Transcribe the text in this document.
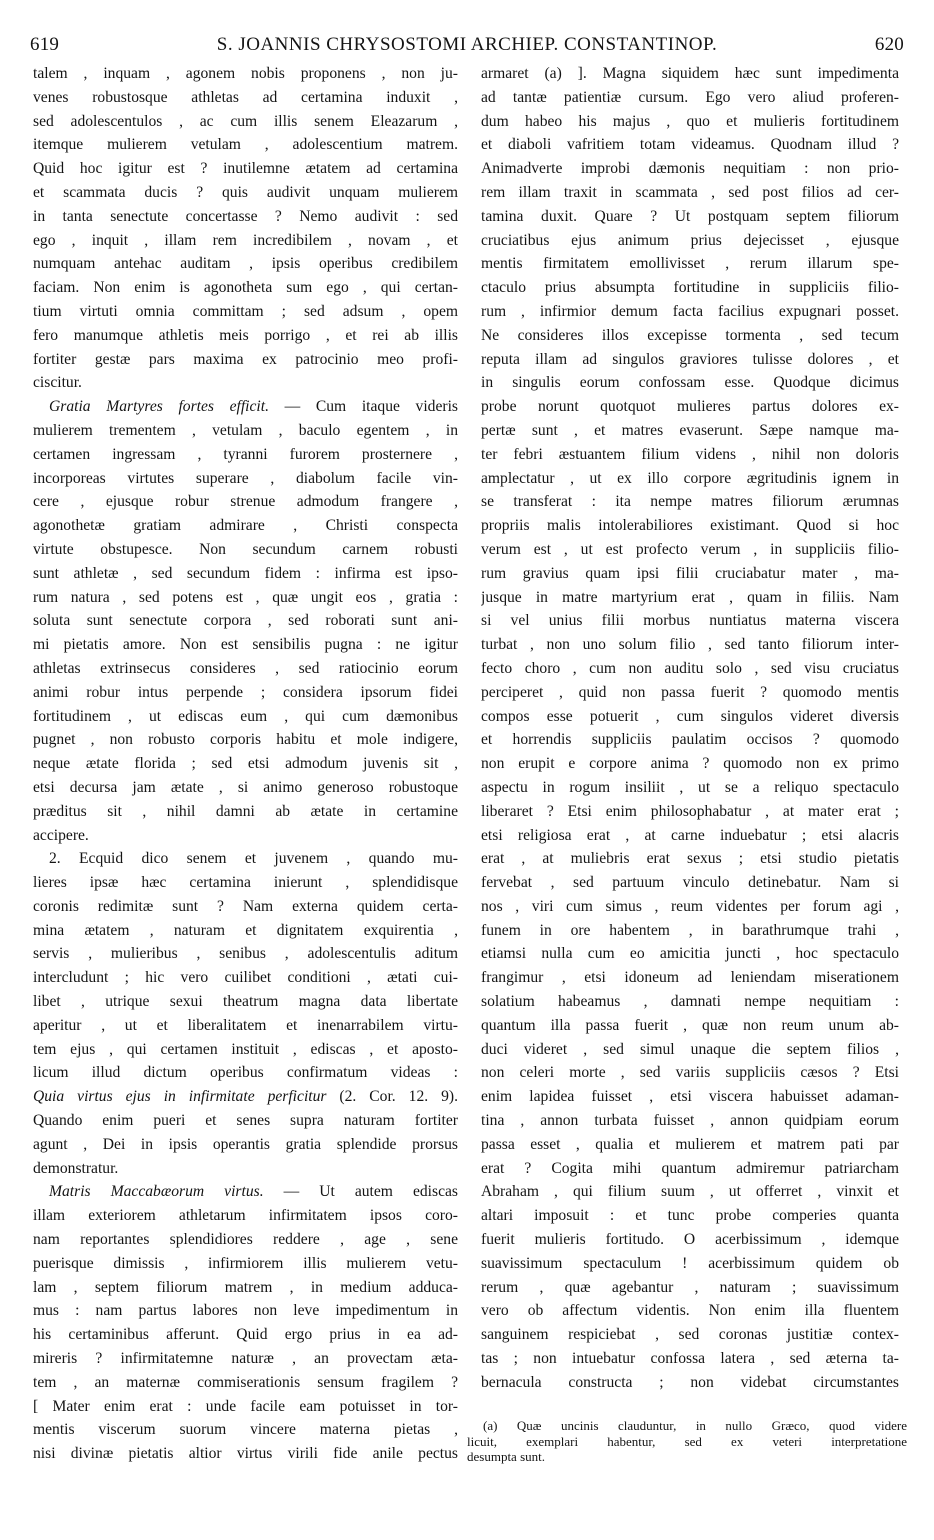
619	S. JOANNIS CHRYSOSTOMI ARCHIEP. CONSTANTINOP.	620
talem , inquam , agonem nobis proponens , non ju-
venes robustosque athletas ad certamina induxit ,
sed adolescentulos , ac cum illis senem Eleazarum ,
itemque mulierem vetulam , adolescentium matrem.
Quid hoc igitur est ? inutilemne ætatem ad certamina
et scammata ducis ? quis audivit unquam mulierem
in tanta senectute concertasse ? Nemo audivit : sed
ego , inquit , illam rem incredibilem , novam , et
numquam antehac auditam , ipsis operibus credibilem
faciam. Non enim is agonotheta sum ego , qui certan-
tium virtuti omnia committam ; sed adsum , opem
fero manumque athletis meis porrigo , et rei ab illis
fortiter gestæ pars maxima ex patrocinio meo profi-
ciscitur.
Gratia Martyres fortes efficit. — Cum itaque videris
mulierem trementem , vetulam , baculo egentem , in
certamen ingressam , tyranni furorem prosternere ,
incorporeas virtutes superare , diabolum facile vin-
cere , ejusque robur strenue admodum frangere ,
agonothetæ gratiam admirare , Christi conspecta
virtute obstupesce. Non secundum carnem robusti
sunt athletæ , sed secundum fidem : infirma est ipso-
rum natura , sed potens est , quæ ungit eos , gratia :
soluta sunt senectute corpora , sed roborati sunt ani-
mi pietatis amore. Non est sensibilis pugna : ne igitur
athletas extrinsecus consideres , sed ratiocinio eorum
animi robur intus perpende ; considera ipsorum fidei
fortitudinem , ut ediscas eum , qui cum dæmonibus
pugnet , non robusto corporis habitu et mole indigere,
neque ætate florida ; sed etsi admodum juvenis sit ,
etsi decursa jam ætate , si animo generoso robustoque
præditus sit , nihil damni ab ætate in certamine
accipere.
2. Ecquid dico senem et juvenem , quando mu-
lieres ipsæ hæc certamina inierunt , splendidisque
coronis redimitæ sunt ? Nam externa quidem certa-
mina ætatem , naturam et dignitatem exquirentia ,
servis , mulieribus , senibus , adolescentulis aditum
intercludunt ; hic vero cuilibet conditioni , ætati cui-
libet , utrique sexui theatrum magna data libertate
aperitur , ut et liberalitatem et inenarrabilem virtu-
tem ejus , qui certamen instituit , ediscas , et aposto-
licum illud dictum operibus confirmatum videas :
Quia virtus ejus in infirmitate perficitur (2. Cor. 12. 9).
Quando enim pueri et senes supra naturam fortiter
agunt , Dei in ipsis operantis gratia splendide prorsus
demonstratur.
Matris Maccabæorum virtus. — Ut autem ediscas
illam exteriorem athletarum infirmitatem ipsos coro-
nam reportantes splendidiores reddere , age , sene
puerisque dimissis , infirmiorem illis mulierem vetu-
lam , septem filiorum matrem , in medium adduca-
mus : nam partus labores non leve impedimentum in
his certaminibus afferunt. Quid ergo prius in ea ad-
mireris ? infirmitatemne naturæ , an provectam æta-
tem , an maternæ commiserationis sensum fragilem ?
[ Mater enim erat : unde facile eam potuisset in tor-
mentis viscerum suorum vincere materna pietas ,
nisi divinæ pietatis altior virtus virili fide anile pectus
armaret (a) ]. Magna siquidem hæc sunt impedimenta
ad tantæ patientiæ cursum. Ego vero aliud proferen-
dum habeo his majus , quo et mulieris fortitudinem
et diaboli vafritiem totam videamus. Quodnam illud ?
Animadverte improbi dæmonis nequitiam : non prio-
rem illam traxit in scammata , sed post filios ad cer-
tamina duxit. Quare ? Ut postquam septem filiorum
cruciatibus ejus animum prius dejecisset , ejusque
mentis firmitatem emollivisset , rerum illarum spe-
ctaculo prius absumpta fortitudine in suppliciis filio-
rum , infirmior demum facta facilius expugnari posset.
Ne consideres illos excepisse tormenta , sed tecum
reputa illam ad singulos graviores tulisse dolores , et
in singulis eorum confossam esse. Quodque dicimus
probe norunt quotquot mulieres partus dolores ex-
pertæ sunt , et matres evaserunt. Sæpe namque ma-
ter febri æstuantem filium videns , nihil non doloris
amplectatur , ut ex illo corpore ægritudinis ignem in
se transferat : ita nempe matres filiorum ærumnas
propriis malis intolerabiliores existimant. Quod si hoc
verum est , ut est profecto verum , in suppliciis filio-
rum gravius quam ipsi filii cruciabatur mater , ma-
jusque in matre martyrium erat , quam in filiis. Nam
si vel unius filii morbus nuntiatus materna viscera
turbat , non uno solum filio , sed tanto filiorum inter-
fecto choro , cum non auditu solo , sed visu cruciatus
perciperet , quid non passa fuerit ? quomodo mentis
compos esse potuerit , cum singulos videret diversis
et horrendis suppliciis paulatim occisos ? quomodo
non erupit e corpore anima ? quomodo non ex primo
aspectu in rogum insiliit , ut se a reliquo spectaculo
liberaret ? Etsi enim philosophabatur , at mater erat ;
etsi religiosa erat , at carne induebatur ; etsi alacris
erat , at muliebris erat sexus ; etsi studio pietatis
fervebat , sed partuum vinculo detinebatur. Nam si
nos , viri cum simus , reum videntes per forum agi ,
funem in ore habentem , in barathrumque trahi ,
etiamsi nulla cum eo amicitia juncti , hoc spectaculo
frangimur , etsi idoneum ad leniendam miserationem
solatium habeamus , damnati nempe nequitiam :
quantum illa passa fuerit , quæ non reum unum ab-
duci videret , sed simul unaque die septem filios ,
non celeri morte , sed variis suppliciis cæsos ? Etsi
enim lapidea fuisset , etsi viscera habuisset adaman-
tina , annon turbata fuisset , annon quidpiam eorum
passa esset , qualia et mulierem et matrem pati par
erat ? Cogita mihi quantum admiremur patriarcham
Abraham , qui filium suum , ut offerret , vinxit et
altari imposuit : et tunc probe comperies quanta
fuerit mulieris fortitudo. O acerbissimum , idemque
suavissimum spectaculum ! acerbissimum quidem ob
rerum , quæ agebantur , naturam ; suavissimum
vero ob affectum videntis. Non enim illa fluentem
sanguinem respiciebat , sed coronas justitiæ contex-
tas ; non intuebatur confossa latera , sed æterna ta-
bernacula constructa ; non videbat circumstantes
(a) Quæ uncinis clauduntur, in nullo Græco, quod videre
licuit, exemplari habentur, sed ex veteri interpretatione
desumpta sunt.
